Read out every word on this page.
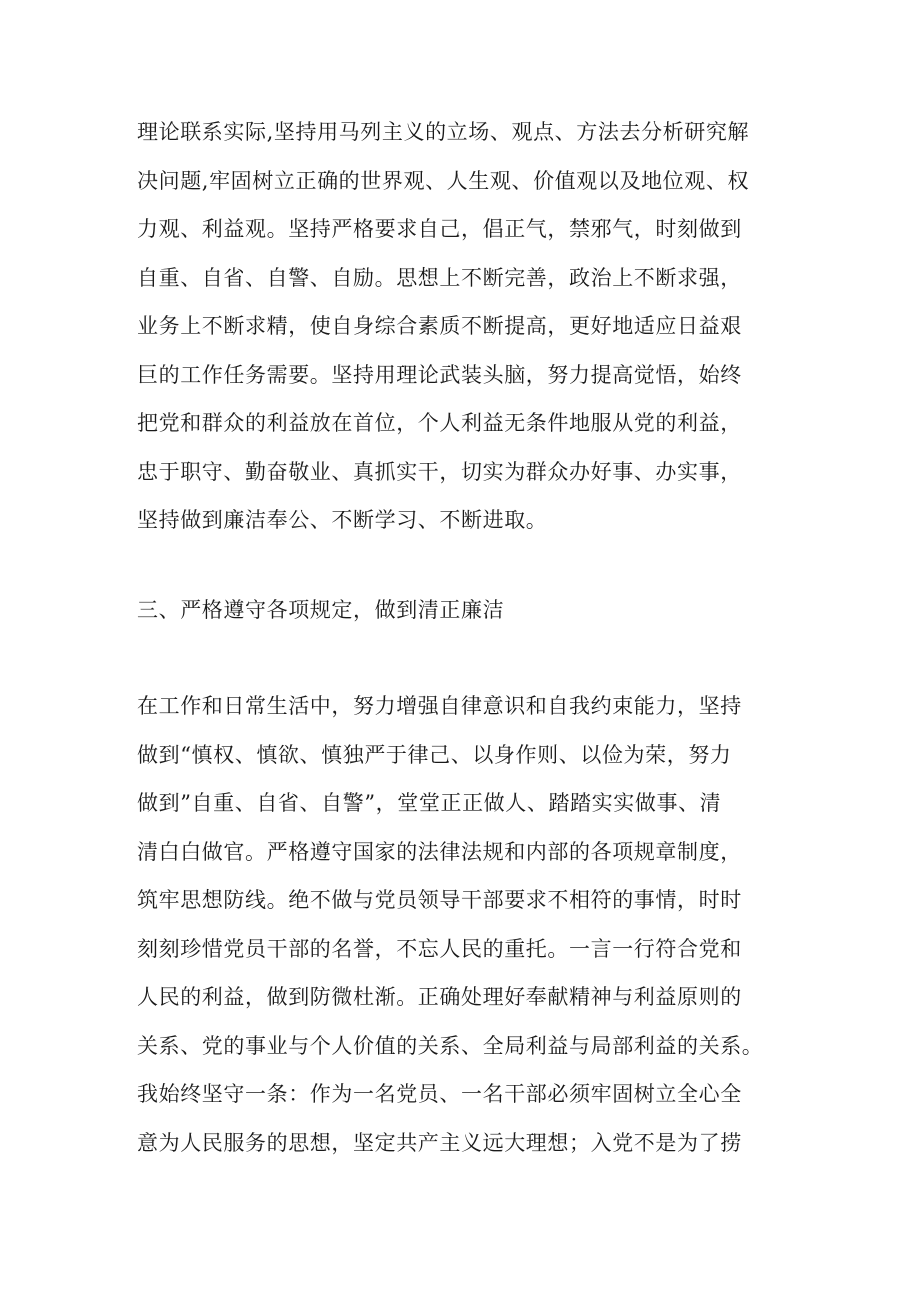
理论联系实际,坚持用马列主义的立场、观点、方法去分析研究解
决问题,牢固树立正确的世界观、人生观、价值观以及地位观、权
力观、利益观。坚持严格要求自己，倡正气，禁邪气，时刻做到
自重、自省、自警、自励。思想上不断完善，政治上不断求强，
业务上不断求精，使自身综合素质不断提高，更好地适应日益艰
巨的工作任务需要。坚持用理论武装头脑，努力提高觉悟，始终
把党和群众的利益放在首位，个人利益无条件地服从党的利益，
忠于职守、勤奋敬业、真抓实干，切实为群众办好事、办实事，
坚持做到廉洁奉公、不断学习、不断进取。
三、严格遵守各项规定，做到清正廉洁
在工作和日常生活中，努力增强自律意识和自我约束能力，坚持
做到“慎权、慎欲、慎独严于律己、以身作则、以俭为荣，努力
做到”自重、自省、自警”，堂堂正正做人、踏踏实实做事、清
清白白做官。严格遵守国家的法律法规和内部的各项规章制度，
筑牢思想防线。绝不做与党员领导干部要求不相符的事情，时时
刻刻珍惜党员干部的名誉，不忘人民的重托。一言一行符合党和
人民的利益，做到防微杜渐。正确处理好奉献精神与利益原则的
关系、党的事业与个人价值的关系、全局利益与局部利益的关系。
我始终坚守一条：作为一名党员、一名干部必须牢固树立全心全
意为人民服务的思想，坚定共产主义远大理想；入党不是为了捞
